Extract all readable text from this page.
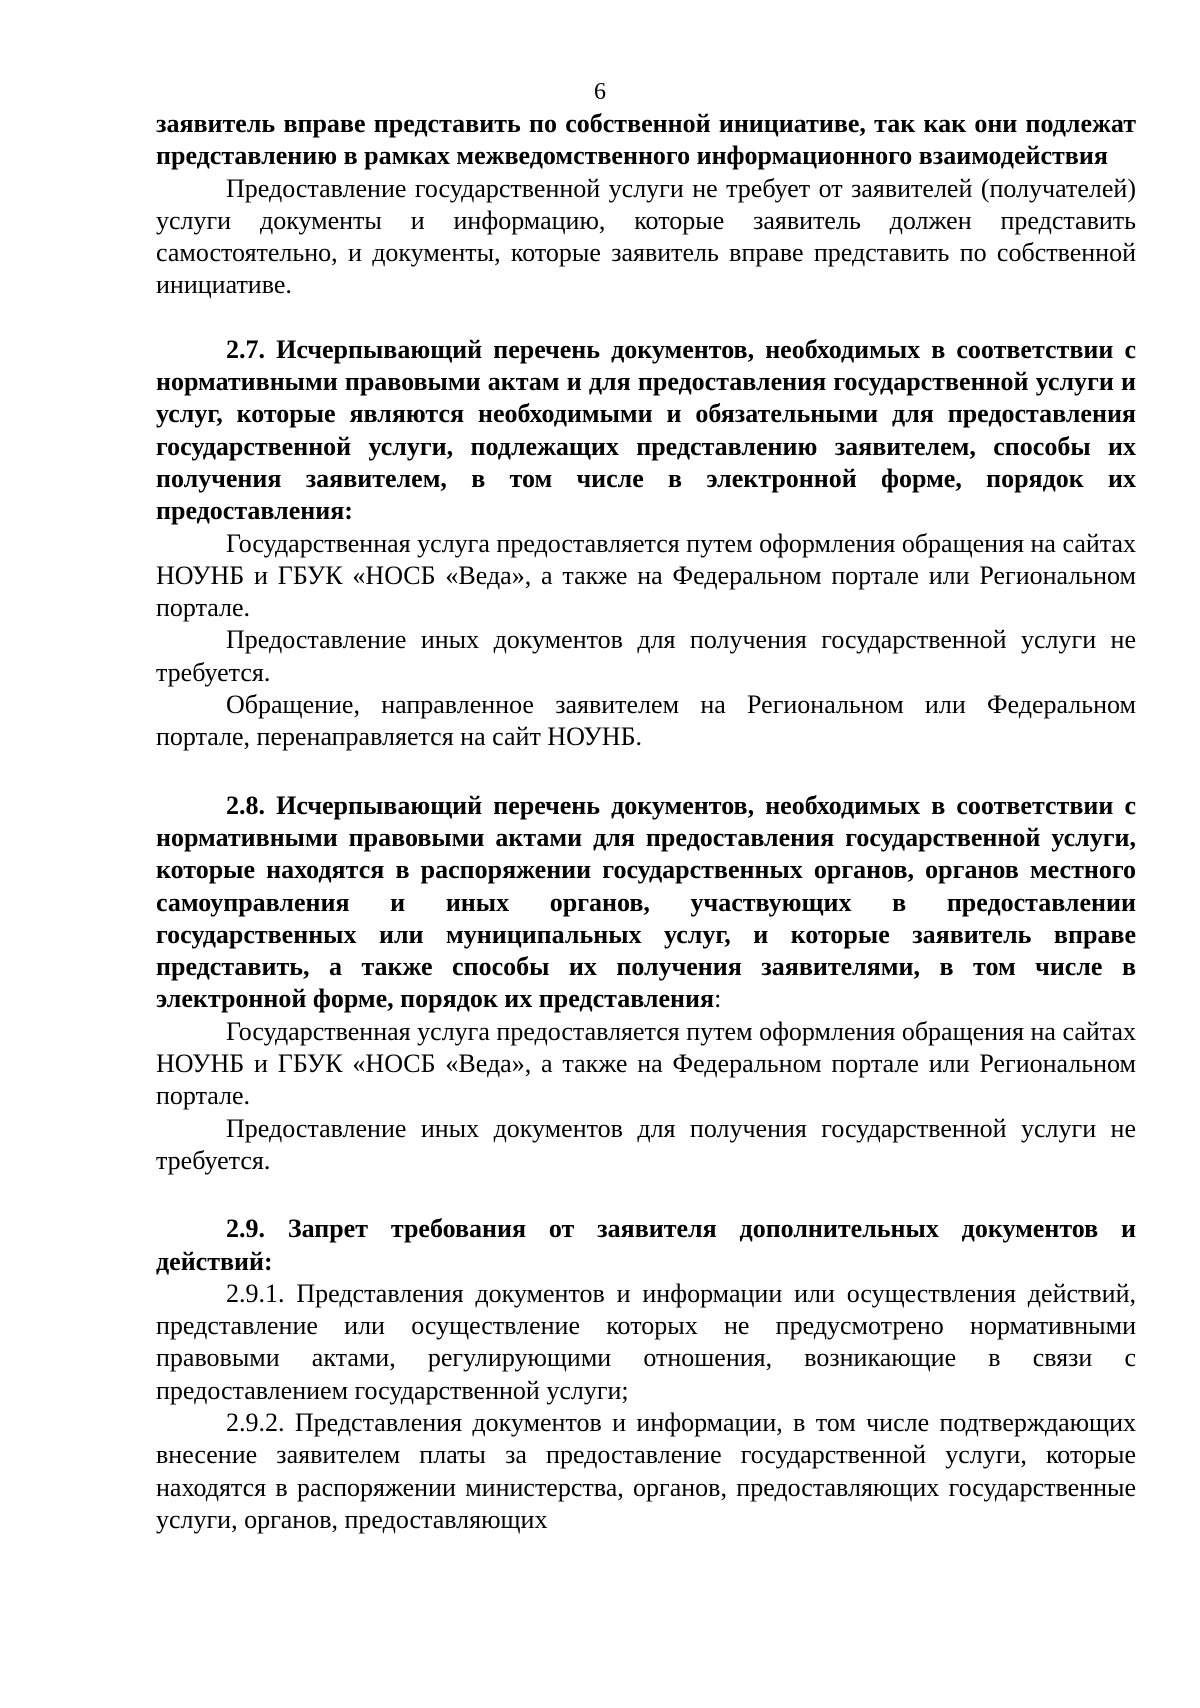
6

заявитель вправе представить по собственной инициативе, так как они подлежат представлению в рамках межведомственного информационного взаимодействия

Предоставление государственной услуги не требует от заявителей (получателей) услуги документы и информацию, которые заявитель должен представить самостоятельно, и документы, которые заявитель вправе представить по собственной инициативе.

2.7. Исчерпывающий перечень документов, необходимых в соответствии с нормативными правовыми актам и для предоставления государственной услуги и услуг, которые являются необходимыми и обязательными для предоставления государственной услуги, подлежащих представлению заявителем, способы их получения заявителем, в том числе в электронной форме, порядок их предоставления:

Государственная услуга предоставляется путем оформления обращения на сайтах НОУНБ и ГБУК «НОСБ «Веда», а также на Федеральном портале или Региональном портале.

Предоставление иных документов для получения государственной услуги не требуется.

Обращение, направленное заявителем на Региональном или Федеральном портале, перенаправляется на сайт НОУНБ.

2.8. Исчерпывающий перечень документов, необходимых в соответствии с нормативными правовыми актами для предоставления государственной услуги, которые находятся в распоряжении государственных органов, органов местного самоуправления и иных органов, участвующих в предоставлении государственных или муниципальных услуг, и которые заявитель вправе представить, а также способы их получения заявителями, в том числе в электронной форме, порядок их представления:

Государственная услуга предоставляется путем оформления обращения на сайтах НОУНБ и ГБУК «НОСБ «Веда», а также на Федеральном портале или Региональном портале.

Предоставление иных документов для получения государственной услуги не требуется.

2.9. Запрет требования от заявителя дополнительных документов и действий:

2.9.1. Представления документов и информации или осуществления действий, представление или осуществление которых не предусмотрено нормативными правовыми актами, регулирующими отношения, возникающие в связи с предоставлением государственной услуги;

2.9.2. Представления документов и информации, в том числе подтверждающих внесение заявителем платы за предоставление государственной услуги, которые находятся в распоряжении министерства, органов, предоставляющих государственные услуги, органов, предоставляющих
